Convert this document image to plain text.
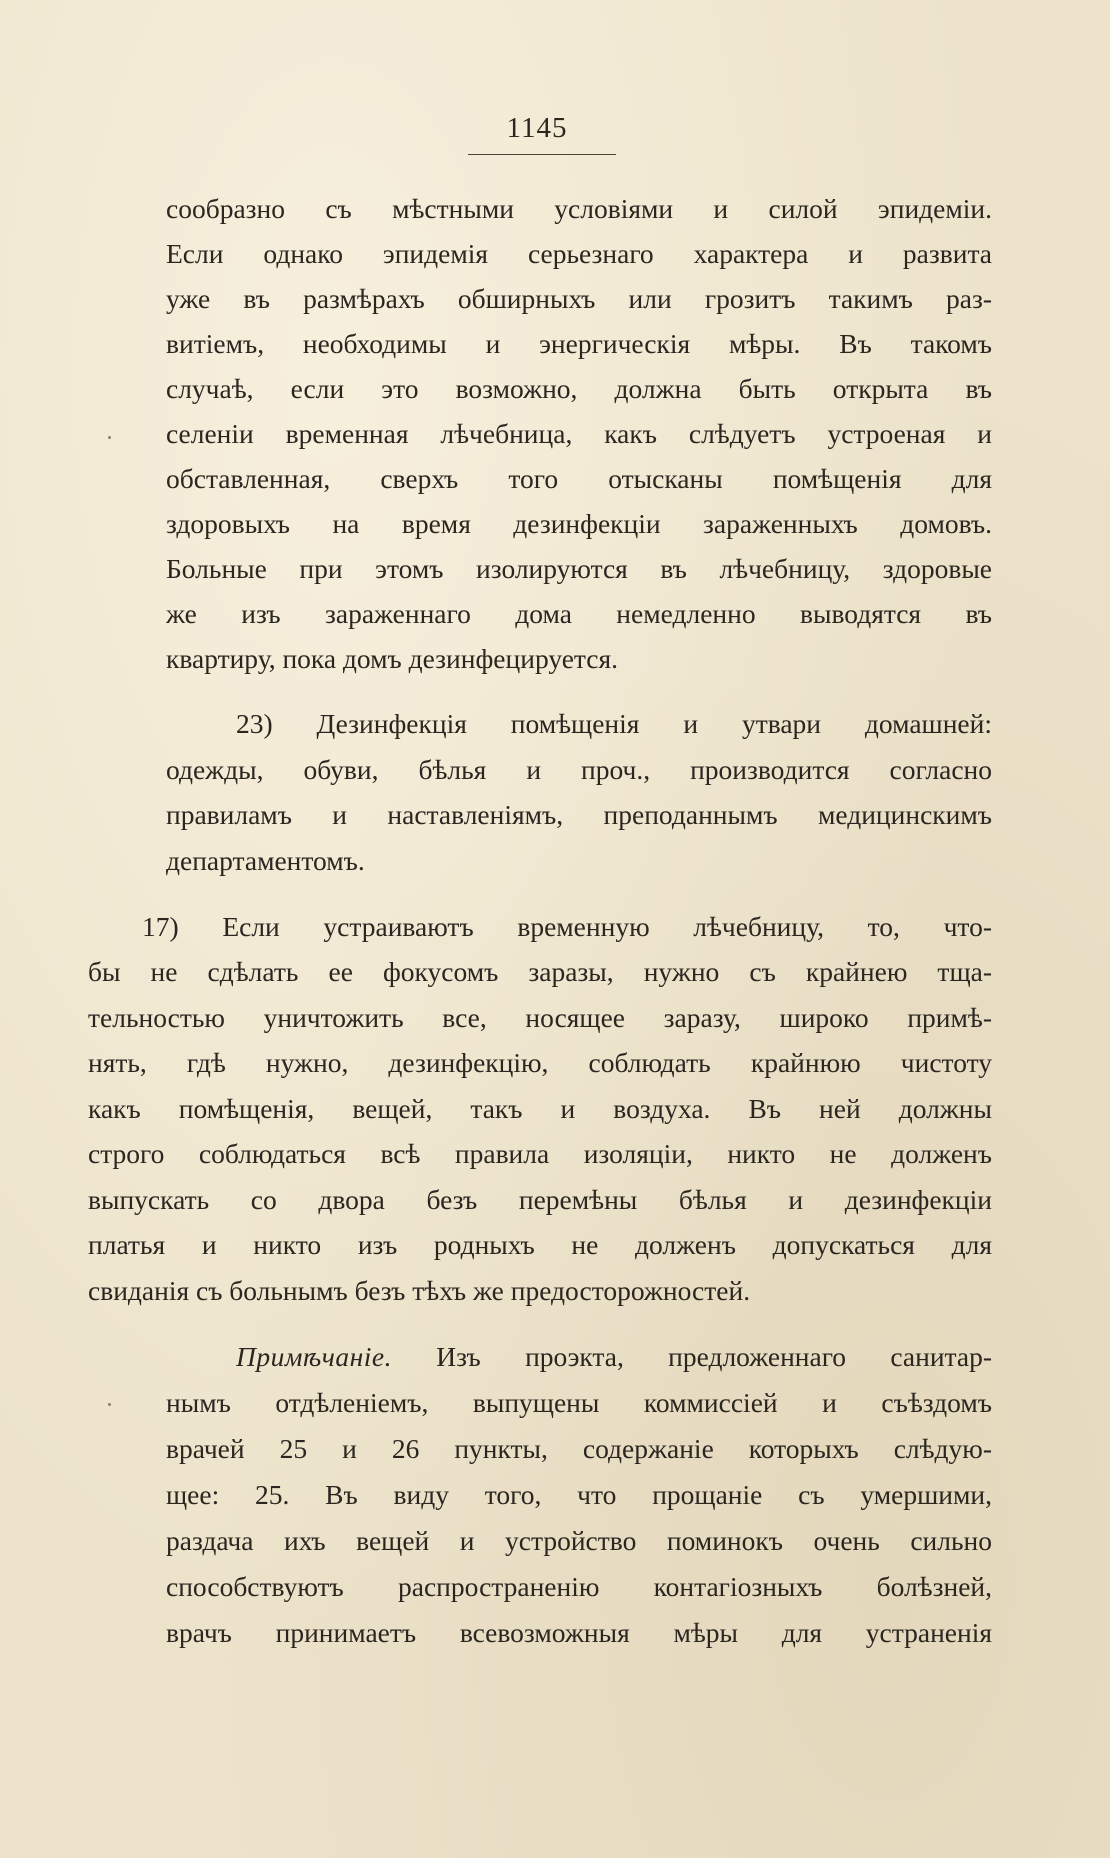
1145
сообразно съ мѣстными условіями и силой эпидеміи.
Если однако эпидемія серьезнаго характера и развита
уже въ размѣрахъ обширныхъ или грозитъ такимъ раз-
витіемъ, необходимы и энергическія мѣры. Въ такомъ
случаѣ, если это возможно, должна быть открыта въ
селеніи временная лѣчебница, какъ слѣдуетъ устроеная и
обставленная, сверхъ того отысканы помѣщенія для
здоровыхъ на время дезинфекціи зараженныхъ домовъ.
Больные при этомъ изолируются въ лѣчебницу, здоровые
же изъ зараженнаго дома немедленно выводятся въ
квартиру, пока домъ дезинфецируется.
23) Дезинфекція помѣщенія и утвари домашней:
одежды, обуви, бѣлья и проч., производится согласно
правиламъ и наставленіямъ, преподаннымъ медицинскимъ
департаментомъ.
17) Если устраиваютъ временную лѣчебницу, то, что-
бы не сдѣлать ее фокусомъ заразы, нужно съ крайнею тща-
тельностью уничтожить все, носящее заразу, широко примѣ-
нять, гдѣ нужно, дезинфекцію, соблюдать крайнюю чистоту
какъ помѣщенія, вещей, такъ и воздуха. Въ ней должны
строго соблюдаться всѣ правила изоляціи, никто не долженъ
выпускать со двора безъ перемѣны бѣлья и дезинфекціи
платья и никто изъ родныхъ не долженъ допускаться для
свиданія съ больнымъ безъ тѣхъ же предосторожностей.
Примѣчаніе. Изъ проэкта, предложеннаго санитар-
нымъ отдѣленіемъ, выпущены коммиссіей и съѣздомъ
врачей 25 и 26 пункты, содержаніе которыхъ слѣдую-
щее: 25. Въ виду того, что прощаніе съ умершими,
раздача ихъ вещей и устройство поминокъ очень сильно
способствуютъ распространенію контагіозныхъ болѣзней,
врачъ принимаетъ всевозможныя мѣры для устраненія
